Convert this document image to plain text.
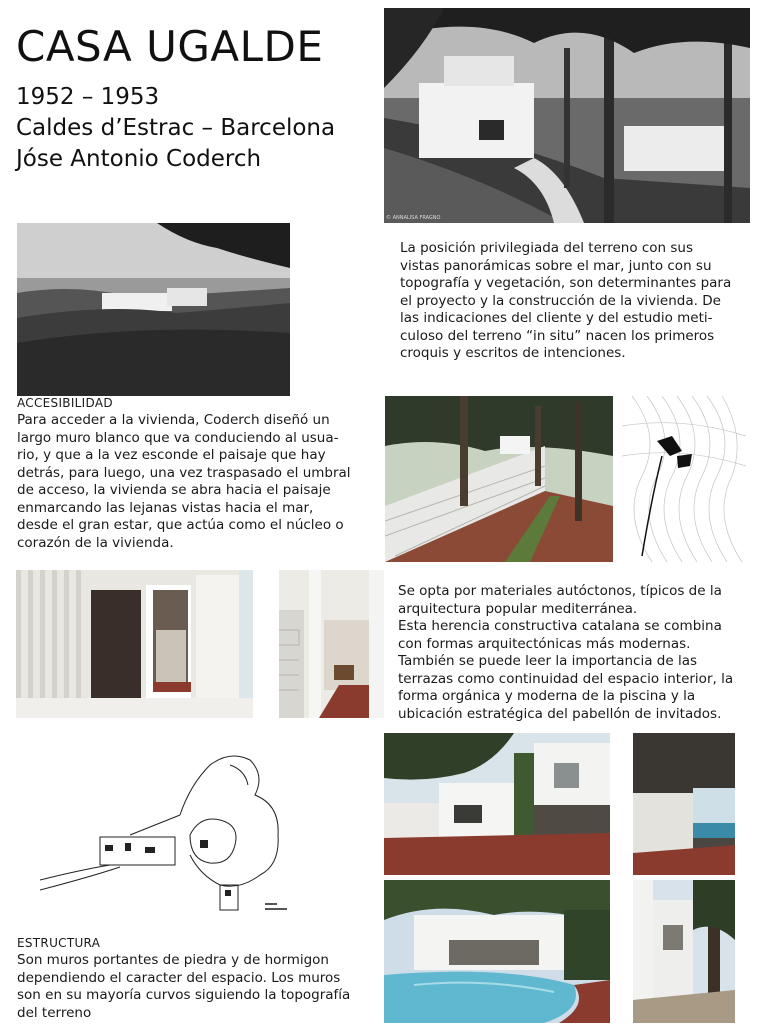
CASA UGALDE
1952 – 1953
Caldes d’Estrac – Barcelona
Jóse Antonio Coderch
© ANNALISA FRAGNO
La posición privilegiada del terreno con sus
vistas panorámicas sobre el mar, junto con su
topografía y vegetación, son determinantes para
el proyecto y la construcción de la vivienda. De
las indicaciones del cliente y del estudio meti-
culoso del terreno “in situ” nacen los primeros
croquis y escritos de intenciones.
ACCESIBILIDAD
Para acceder a la vivienda, Coderch diseñó un
largo muro blanco que va conduciendo al usua-
rio, y que a la vez esconde el paisaje que hay
detrás, para luego, una vez traspasado el umbral
de acceso, la vivienda se abra hacia el paisaje
enmarcando las lejanas vistas hacia el mar,
desde el gran estar, que actúa como el núcleo o
corazón de la vivienda.
Se opta por materiales autóctonos, típicos de la
arquitectura popular mediterránea.
Esta herencia constructiva catalana se combina
con formas arquitectónicas más modernas.
También se puede leer la importancia de las
terrazas como continuidad del espacio interior, la
forma orgánica y moderna de la piscina y la
ubicación estratégica del pabellón de invitados.
ESTRUCTURA
Son muros portantes de piedra y de hormigon
dependiendo el caracter del espacio. Los muros
son en su mayoría curvos siguiendo la topografía
del terreno
